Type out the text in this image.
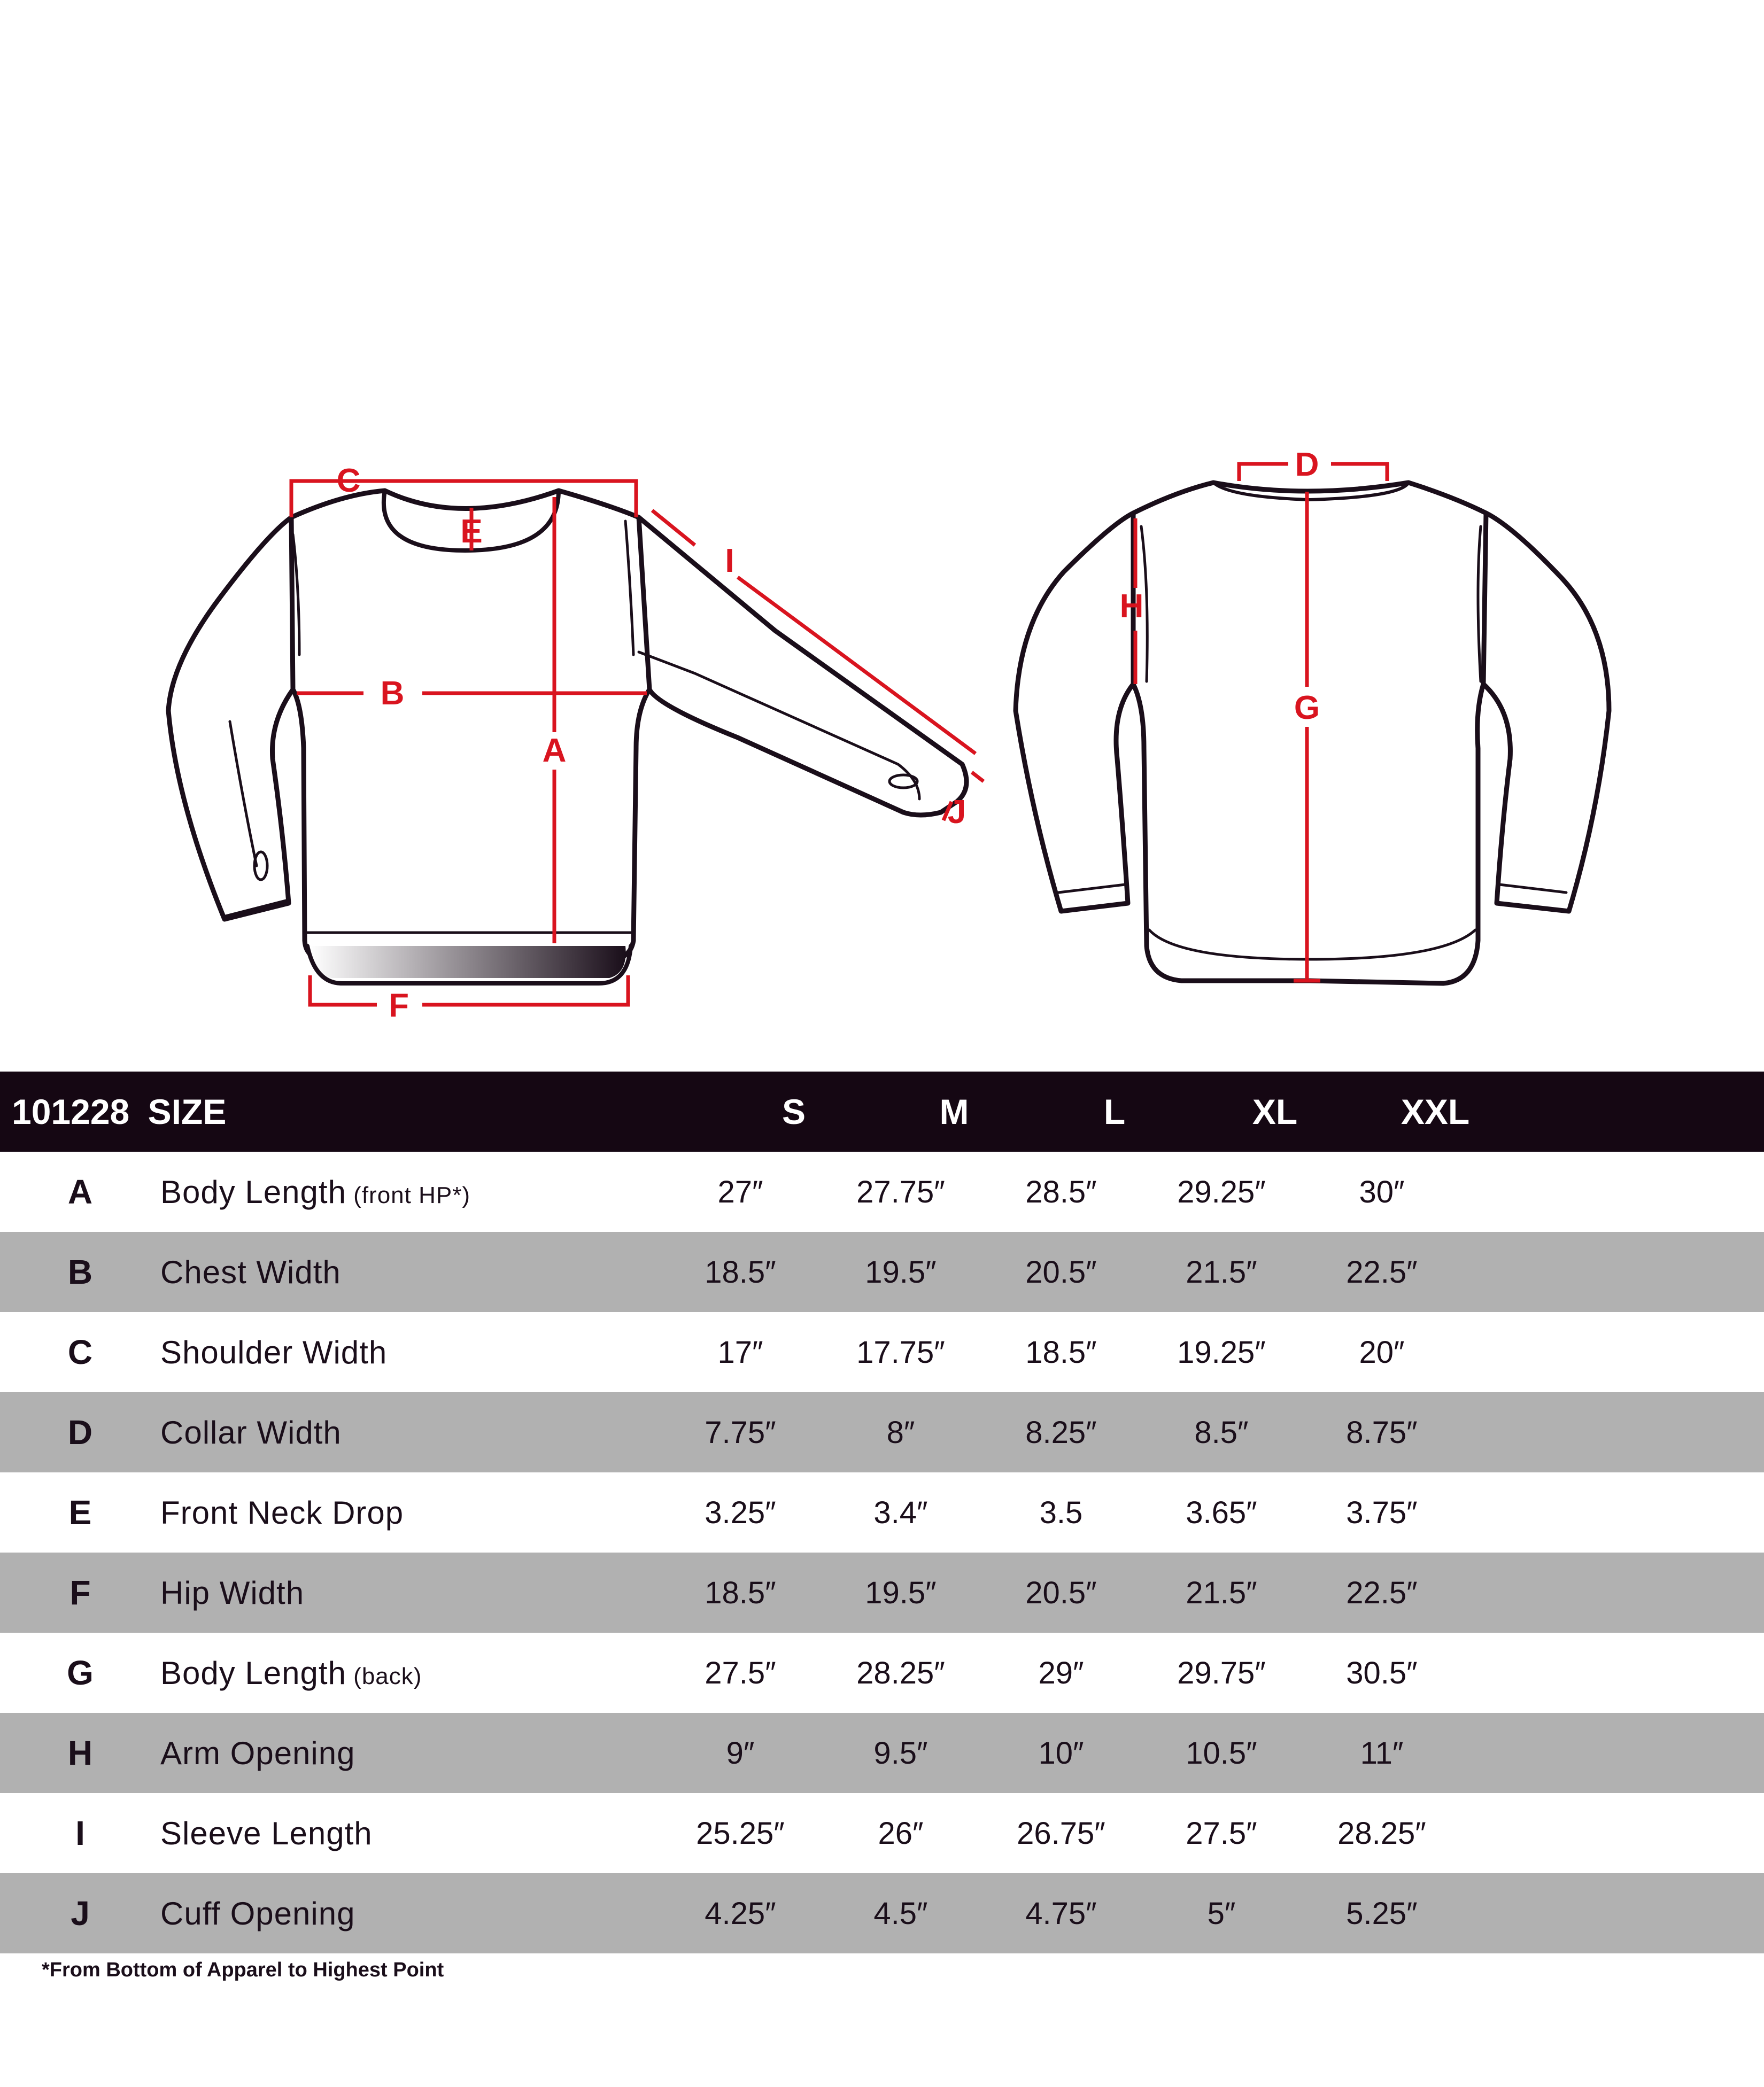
C
E
I
B
A
J
F
D
H
G
101228 SIZE	S	M	L	XL	XXL
A	Body Length (front HP*)	27″	27.75″	28.5″	29.25″	30″
B	Chest Width	18.5″	19.5″	20.5″	21.5″	22.5″
C	Shoulder Width	17″	17.75″	18.5″	19.25″	20″
D	Collar Width	7.75″	8″	8.25″	8.5″	8.75″
E	Front Neck Drop	3.25″	3.4″	3.5	3.65″	3.75″
F	Hip Width	18.5″	19.5″	20.5″	21.5″	22.5″
G	Body Length (back)	27.5″	28.25″	29″	29.75″	30.5″
H	Arm Opening	9″	9.5″	10″	10.5″	11″
I	Sleeve Length	25.25″	26″	26.75″	27.5″	28.25″
J	Cuff Opening	4.25″	4.5″	4.75″	5″	5.25″
*From Bottom of Apparel to Highest Point
